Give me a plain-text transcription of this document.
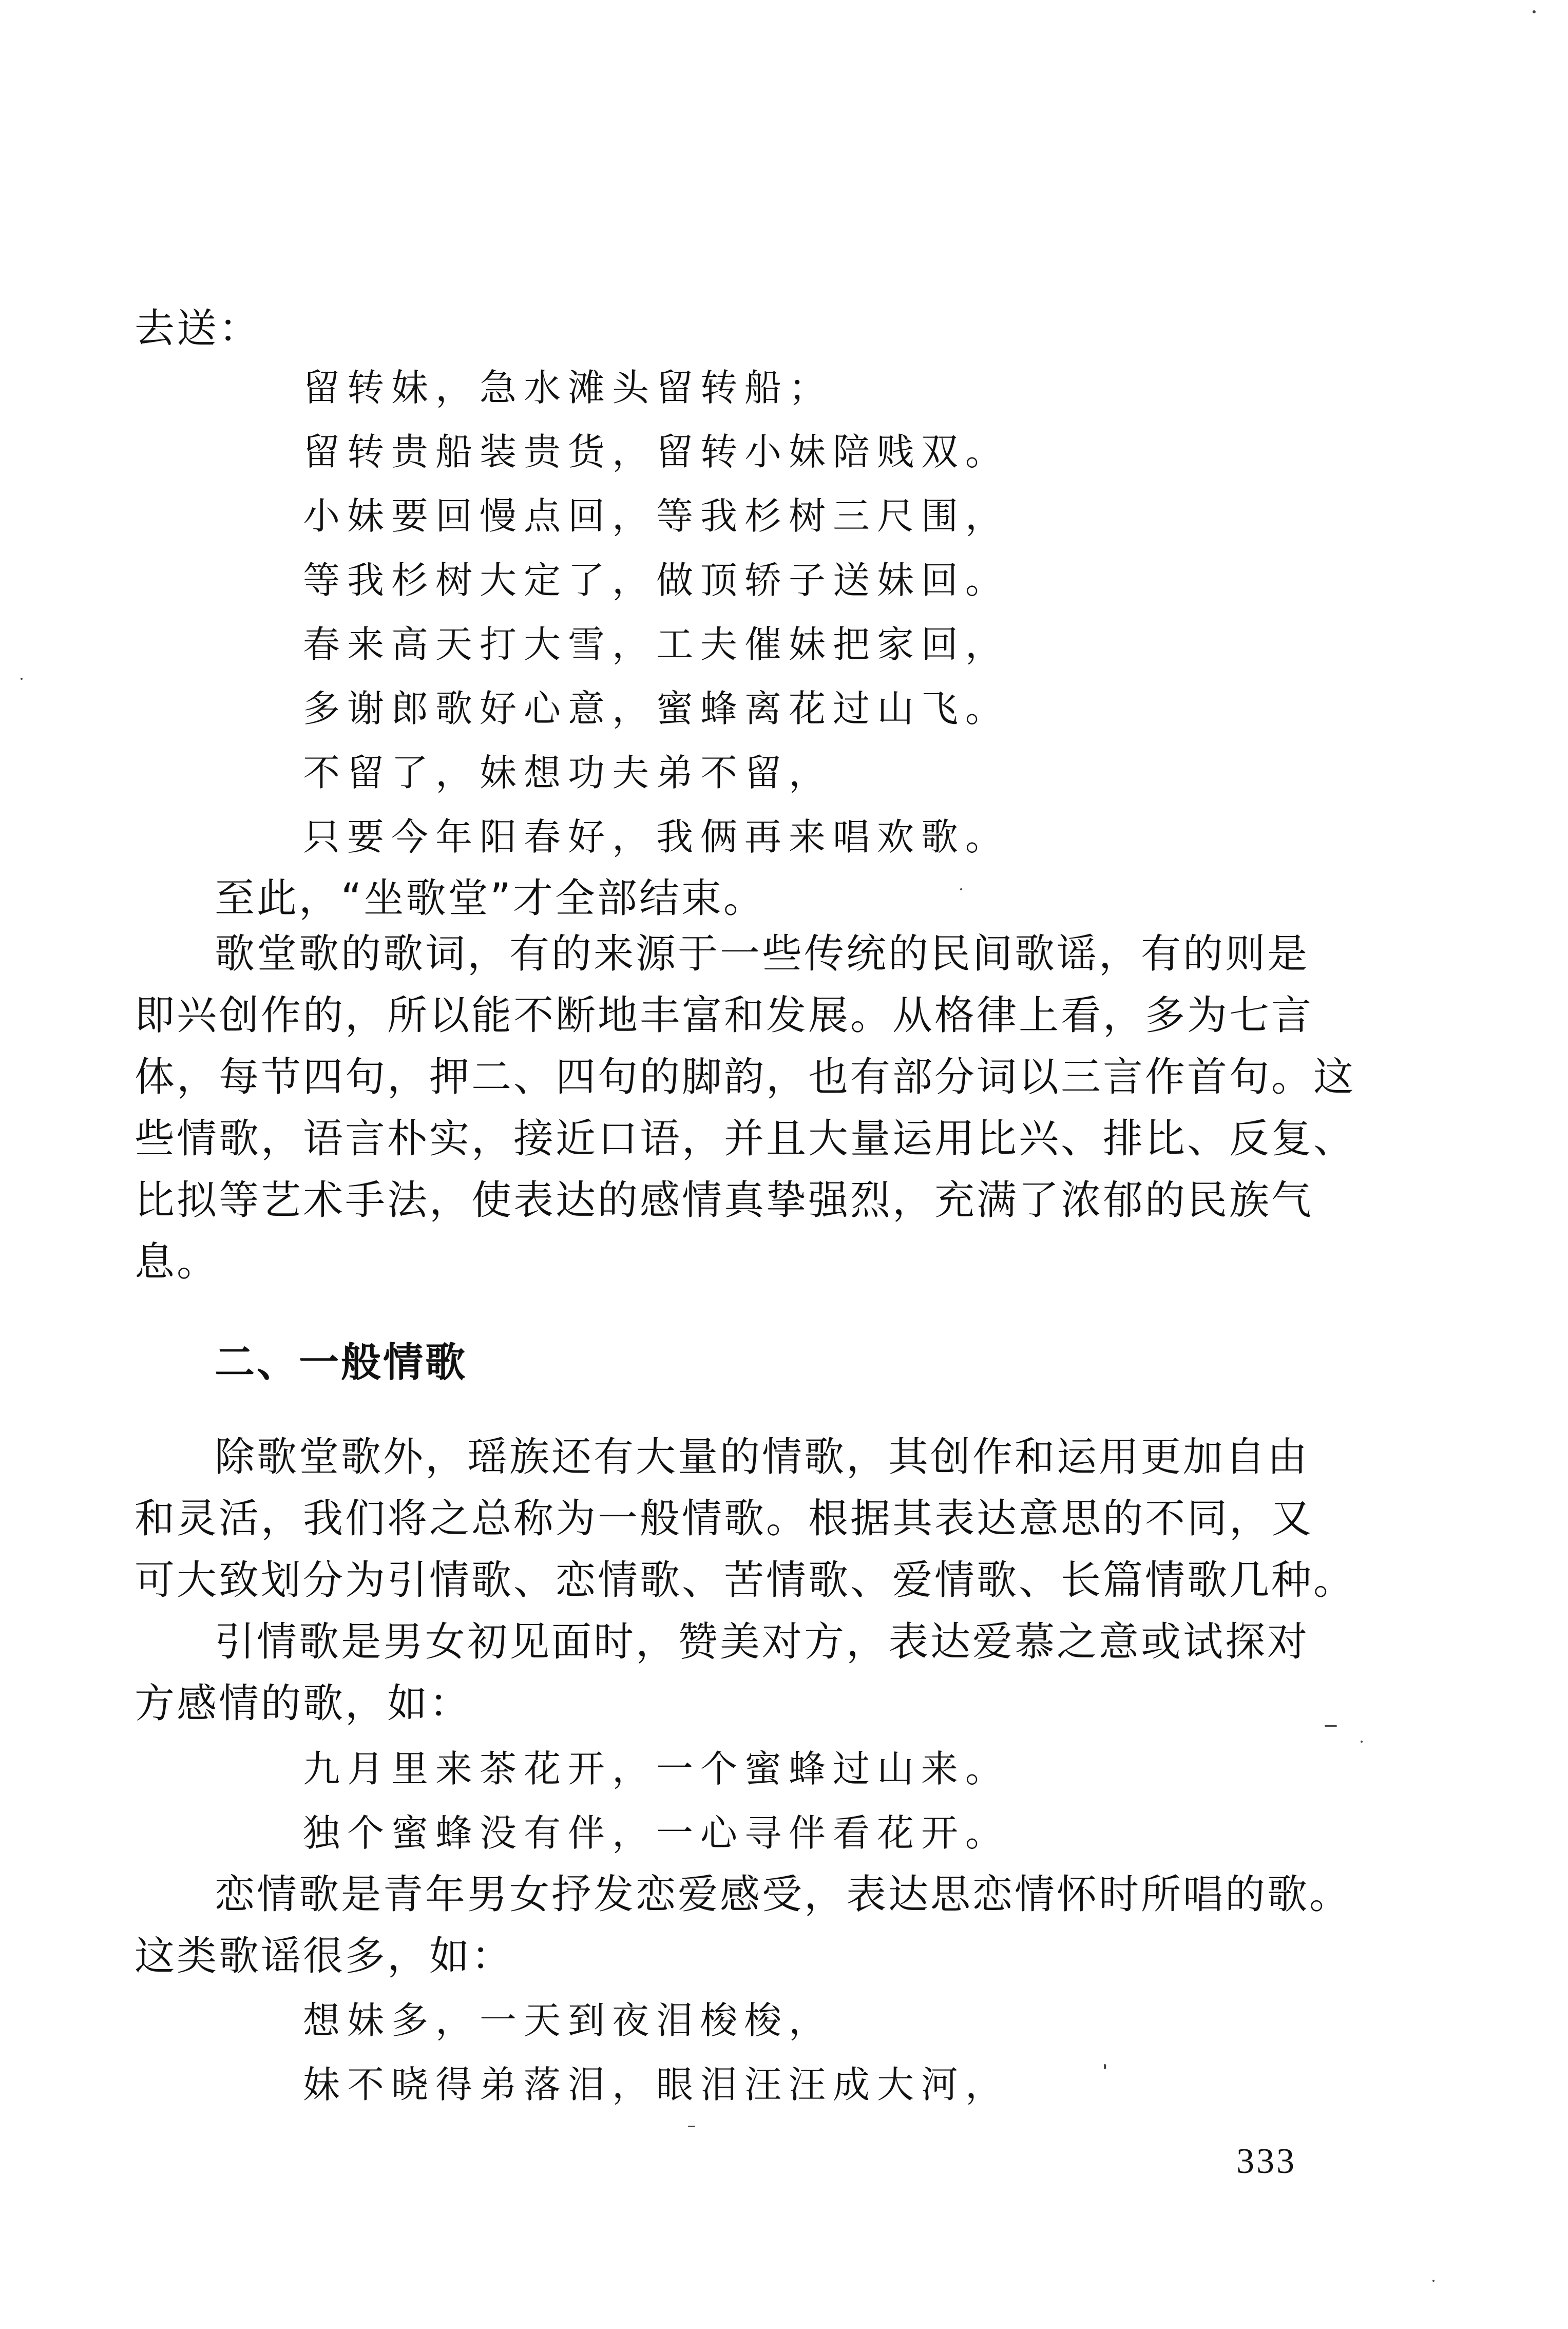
去送：
留转妹，急水滩头留转船；
留转贵船装贵货，留转小妹陪贱双。
小妹要回慢点回，等我杉树三尺围，
等我杉树大定了，做顶轿子送妹回。
春来高天打大雪，工夫催妹把家回，
多谢郎歌好心意，蜜蜂离花过山飞。
不留了，妹想功夫弟不留，
只要今年阳春好，我俩再来唱欢歌。
至此，“坐歌堂”才全部结束。
歌堂歌的歌词，有的来源于一些传统的民间歌谣，有的则是
即兴创作的，所以能不断地丰富和发展。从格律上看，多为七言
体，每节四句，押二、四句的脚韵，也有部分词以三言作首句。这
些情歌，语言朴实，接近口语，并且大量运用比兴、排比、反复、
比拟等艺术手法，使表达的感情真挚强烈，充满了浓郁的民族气
息。
二、一般情歌
除歌堂歌外，瑶族还有大量的情歌，其创作和运用更加自由
和灵活，我们将之总称为一般情歌。根据其表达意思的不同，又
可大致划分为引情歌、恋情歌、苦情歌、爱情歌、长篇情歌几种。
引情歌是男女初见面时，赞美对方，表达爱慕之意或试探对
方感情的歌，如：
九月里来茶花开，一个蜜蜂过山来。
独个蜜蜂没有伴，一心寻伴看花开。
恋情歌是青年男女抒发恋爱感受，表达思恋情怀时所唱的歌。
这类歌谣很多，如：
想妹多，一天到夜泪梭梭，
妹不晓得弟落泪，眼泪汪汪成大河，
333
